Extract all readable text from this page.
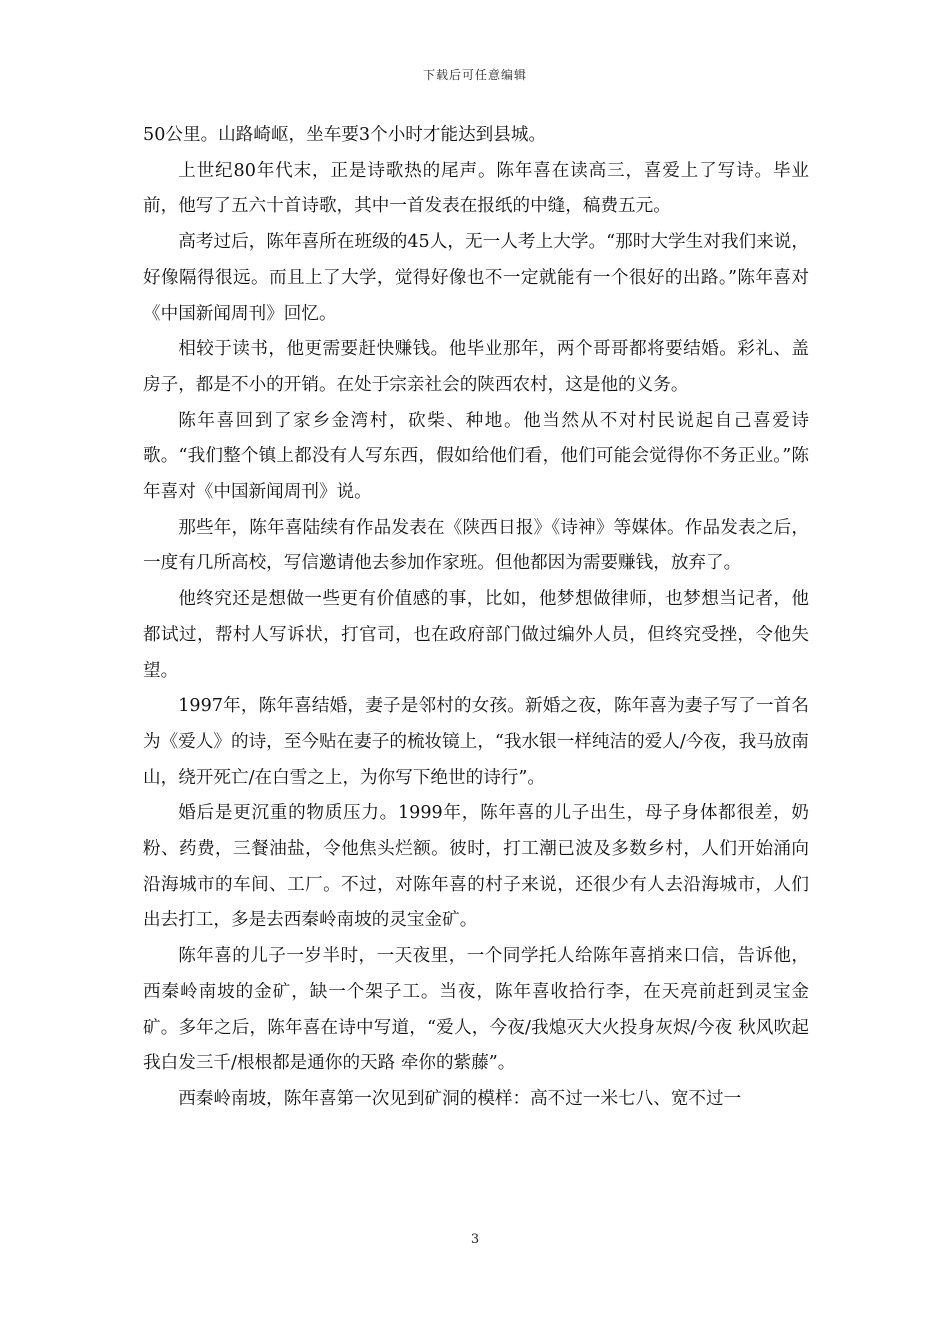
下载后可任意编辑

50公里。山路崎岖，坐车要3个小时才能达到县城。

上世纪80年代末，正是诗歌热的尾声。陈年喜在读高三，喜爱上了写诗。毕业前，他写了五六十首诗歌，其中一首发表在报纸的中缝，稿费五元。

高考过后，陈年喜所在班级的45人，无一人考上大学。“那时大学生对我们来说，好像隔得很远。而且上了大学，觉得好像也不一定就能有一个很好的出路。”陈年喜对《中国新闻周刊》回忆。

相较于读书，他更需要赶快赚钱。他毕业那年，两个哥哥都将要结婚。彩礼、盖房子，都是不小的开销。在处于宗亲社会的陕西农村，这是他的义务。

陈年喜回到了家乡金湾村，砍柴、种地。他当然从不对村民说起自己喜爱诗歌。“我们整个镇上都没有人写东西，假如给他们看，他们可能会觉得你不务正业。”陈年喜对《中国新闻周刊》说。

那些年，陈年喜陆续有作品发表在《陕西日报》《诗神》等媒体。作品发表之后，一度有几所高校，写信邀请他去参加作家班。但他都因为需要赚钱，放弃了。

他终究还是想做一些更有价值感的事，比如，他梦想做律师，也梦想当记者，他都试过，帮村人写诉状，打官司，也在政府部门做过编外人员，但终究受挫，令他失望。

1997年，陈年喜结婚，妻子是邻村的女孩。新婚之夜，陈年喜为妻子写了一首名为《爱人》的诗，至今贴在妻子的梳妆镜上，“我水银一样纯洁的爱人/今夜，我马放南山，绕开死亡/在白雪之上，为你写下绝世的诗行”。

婚后是更沉重的物质压力。1999年，陈年喜的儿子出生，母子身体都很差，奶粉、药费，三餐油盐，令他焦头烂额。彼时，打工潮已波及多数乡村，人们开始涌向沿海城市的车间、工厂。不过，对陈年喜的村子来说，还很少有人去沿海城市，人们出去打工，多是去西秦岭南坡的灵宝金矿。

陈年喜的儿子一岁半时，一天夜里，一个同学托人给陈年喜捎来口信，告诉他，西秦岭南坡的金矿，缺一个架子工。当夜，陈年喜收拾行李，在天亮前赶到灵宝金矿。多年之后，陈年喜在诗中写道，“爱人，今夜/我熄灭大火投身灰烬/今夜 秋风吹起我白发三千/根根都是通你的天路 牵你的紫藤”。

西秦岭南坡，陈年喜第一次见到矿洞的模样：高不过一米七八、宽不过一

3
